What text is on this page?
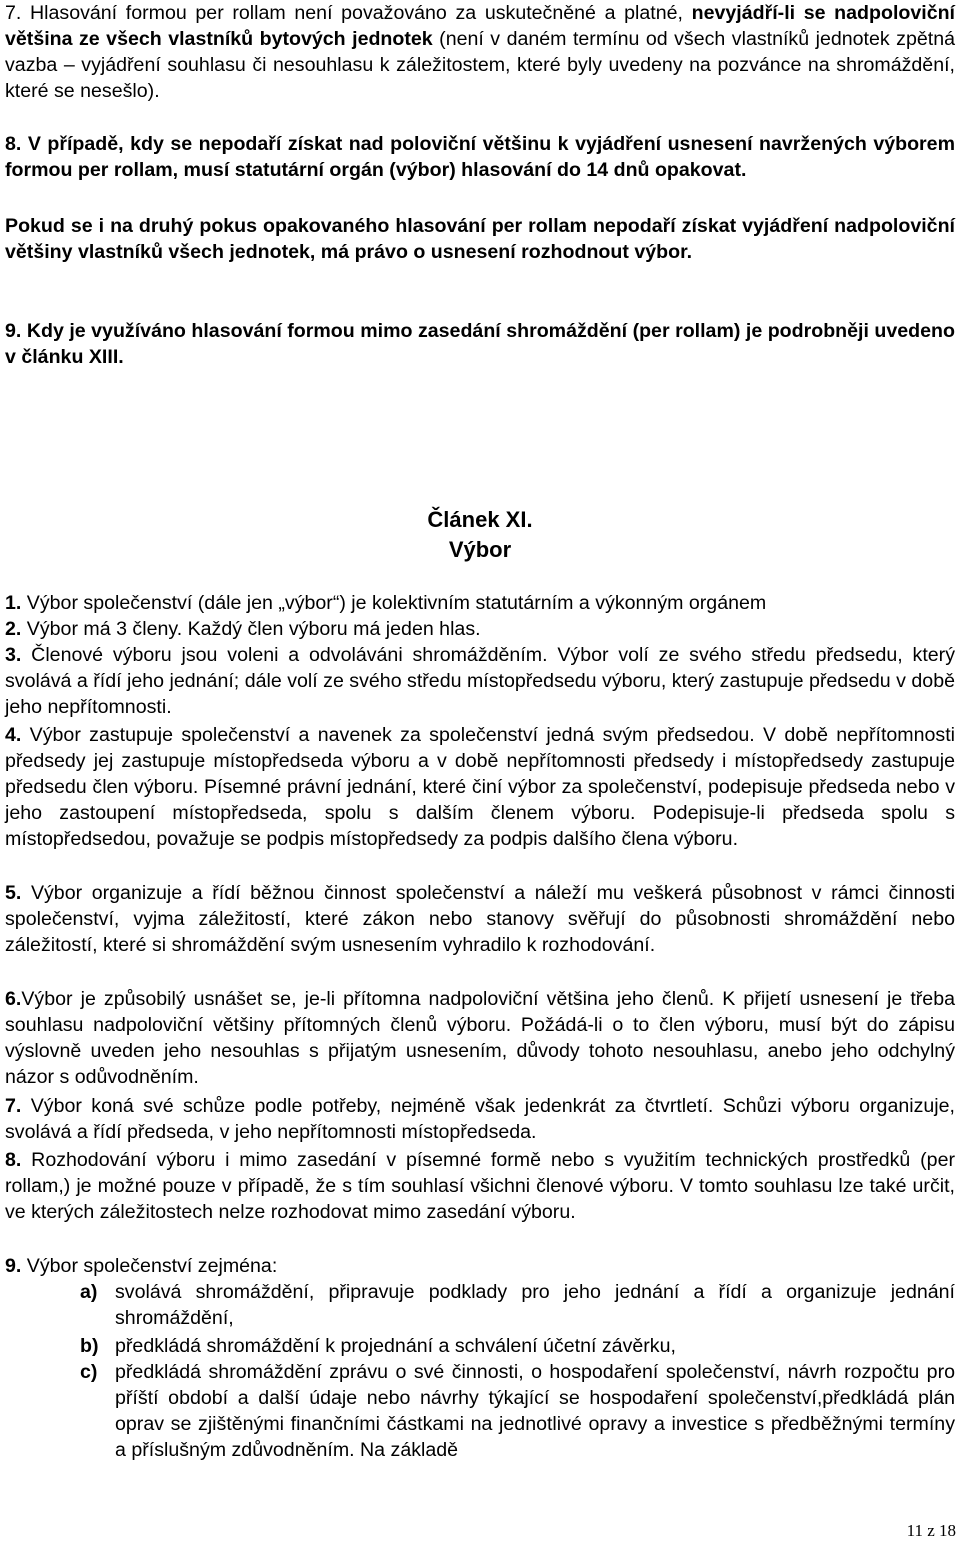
7. Hlasování formou per rollam není považováno za uskutečněné a platné, nevyjádří-li se nadpoloviční většina ze všech vlastníků bytových jednotek (není v daném termínu od všech vlastníků jednotek zpětná vazba – vyjádření souhlasu či nesouhlasu k záležitostem, které byly uvedeny na pozvánce na shromáždění, které se nesešlo).

8. V případě, kdy se nepodaří získat nad poloviční většinu k vyjádření usnesení navržených výborem formou per rollam, musí statutární orgán (výbor) hlasování do 14 dnů opakovat.

Pokud se i na druhý pokus opakovaného hlasování per rollam nepodaří získat vyjádření nadpoloviční většiny vlastníků všech jednotek, má právo o usnesení rozhodnout výbor.

9. Kdy je využíváno hlasování formou mimo zasedání shromáždění (per rollam) je podrobněji uvedeno v článku XIII.

Článek XI.
Výbor

1. Výbor společenství (dále jen „výbor“) je kolektivním statutárním a výkonným orgánem

2. Výbor má 3 členy. Každý člen výboru má jeden hlas.

3. Členové výboru jsou voleni a odvoláváni shromážděním. Výbor volí ze svého středu předsedu, který svolává a řídí jeho jednání; dále volí ze svého středu místopředsedu výboru, který zastupuje předsedu v době jeho nepřítomnosti.

4. Výbor zastupuje společenství a navenek za společenství jedná svým předsedou. V době nepřítomnosti předsedy jej zastupuje místopředseda výboru a v době nepřítomnosti předsedy i místopředsedy zastupuje předsedu člen výboru. Písemné právní jednání, které činí výbor za společenství, podepisuje předseda nebo v jeho zastoupení místopředseda, spolu s dalším členem výboru. Podepisuje-li předseda spolu s místopředsedou, považuje se podpis místopředsedy za podpis dalšího člena výboru.

5. Výbor organizuje a řídí běžnou činnost společenství a náleží mu veškerá působnost v rámci činnosti společenství, vyjma záležitostí, které zákon nebo stanovy svěřují do působnosti shromáždění nebo záležitostí, které si shromáždění svým usnesením vyhradilo k rozhodování.

6.Výbor je způsobilý usnášet se, je-li přítomna nadpoloviční většina jeho členů. K přijetí usnesení je třeba souhlasu nadpoloviční většiny přítomných členů výboru. Požádá-li o to člen výboru, musí být do zápisu výslovně uveden jeho nesouhlas s přijatým usnesením, důvody tohoto nesouhlasu, anebo jeho odchylný názor s odůvodněním.

7. Výbor koná své schůze podle potřeby, nejméně však jedenkrát za čtvrtletí. Schůzi výboru organizuje, svolává a řídí předseda, v jeho nepřítomnosti místopředseda.

8. Rozhodování výboru i mimo zasedání v písemné formě nebo s využitím technických prostředků (per rollam,) je možné pouze v případě, že s tím souhlasí všichni členové výboru. V tomto souhlasu lze také určit, ve kterých záležitostech nelze rozhodovat mimo zasedání výboru.

9. Výbor společenství zejména:

a) svolává shromáždění, připravuje podklady pro jeho jednání a řídí a organizuje jednání shromáždění,
b) předkládá shromáždění k projednání a schválení účetní závěrku,
c) předkládá shromáždění zprávu o své činnosti, o hospodaření společenství, návrh rozpočtu pro příští období a další údaje nebo návrhy týkající se hospodaření společenství,předkládá plán oprav se zjištěnými finančními částkami na jednotlivé opravy a investice s předběžnými termíny a příslušným zdůvodněním. Na základě
11 z 18
